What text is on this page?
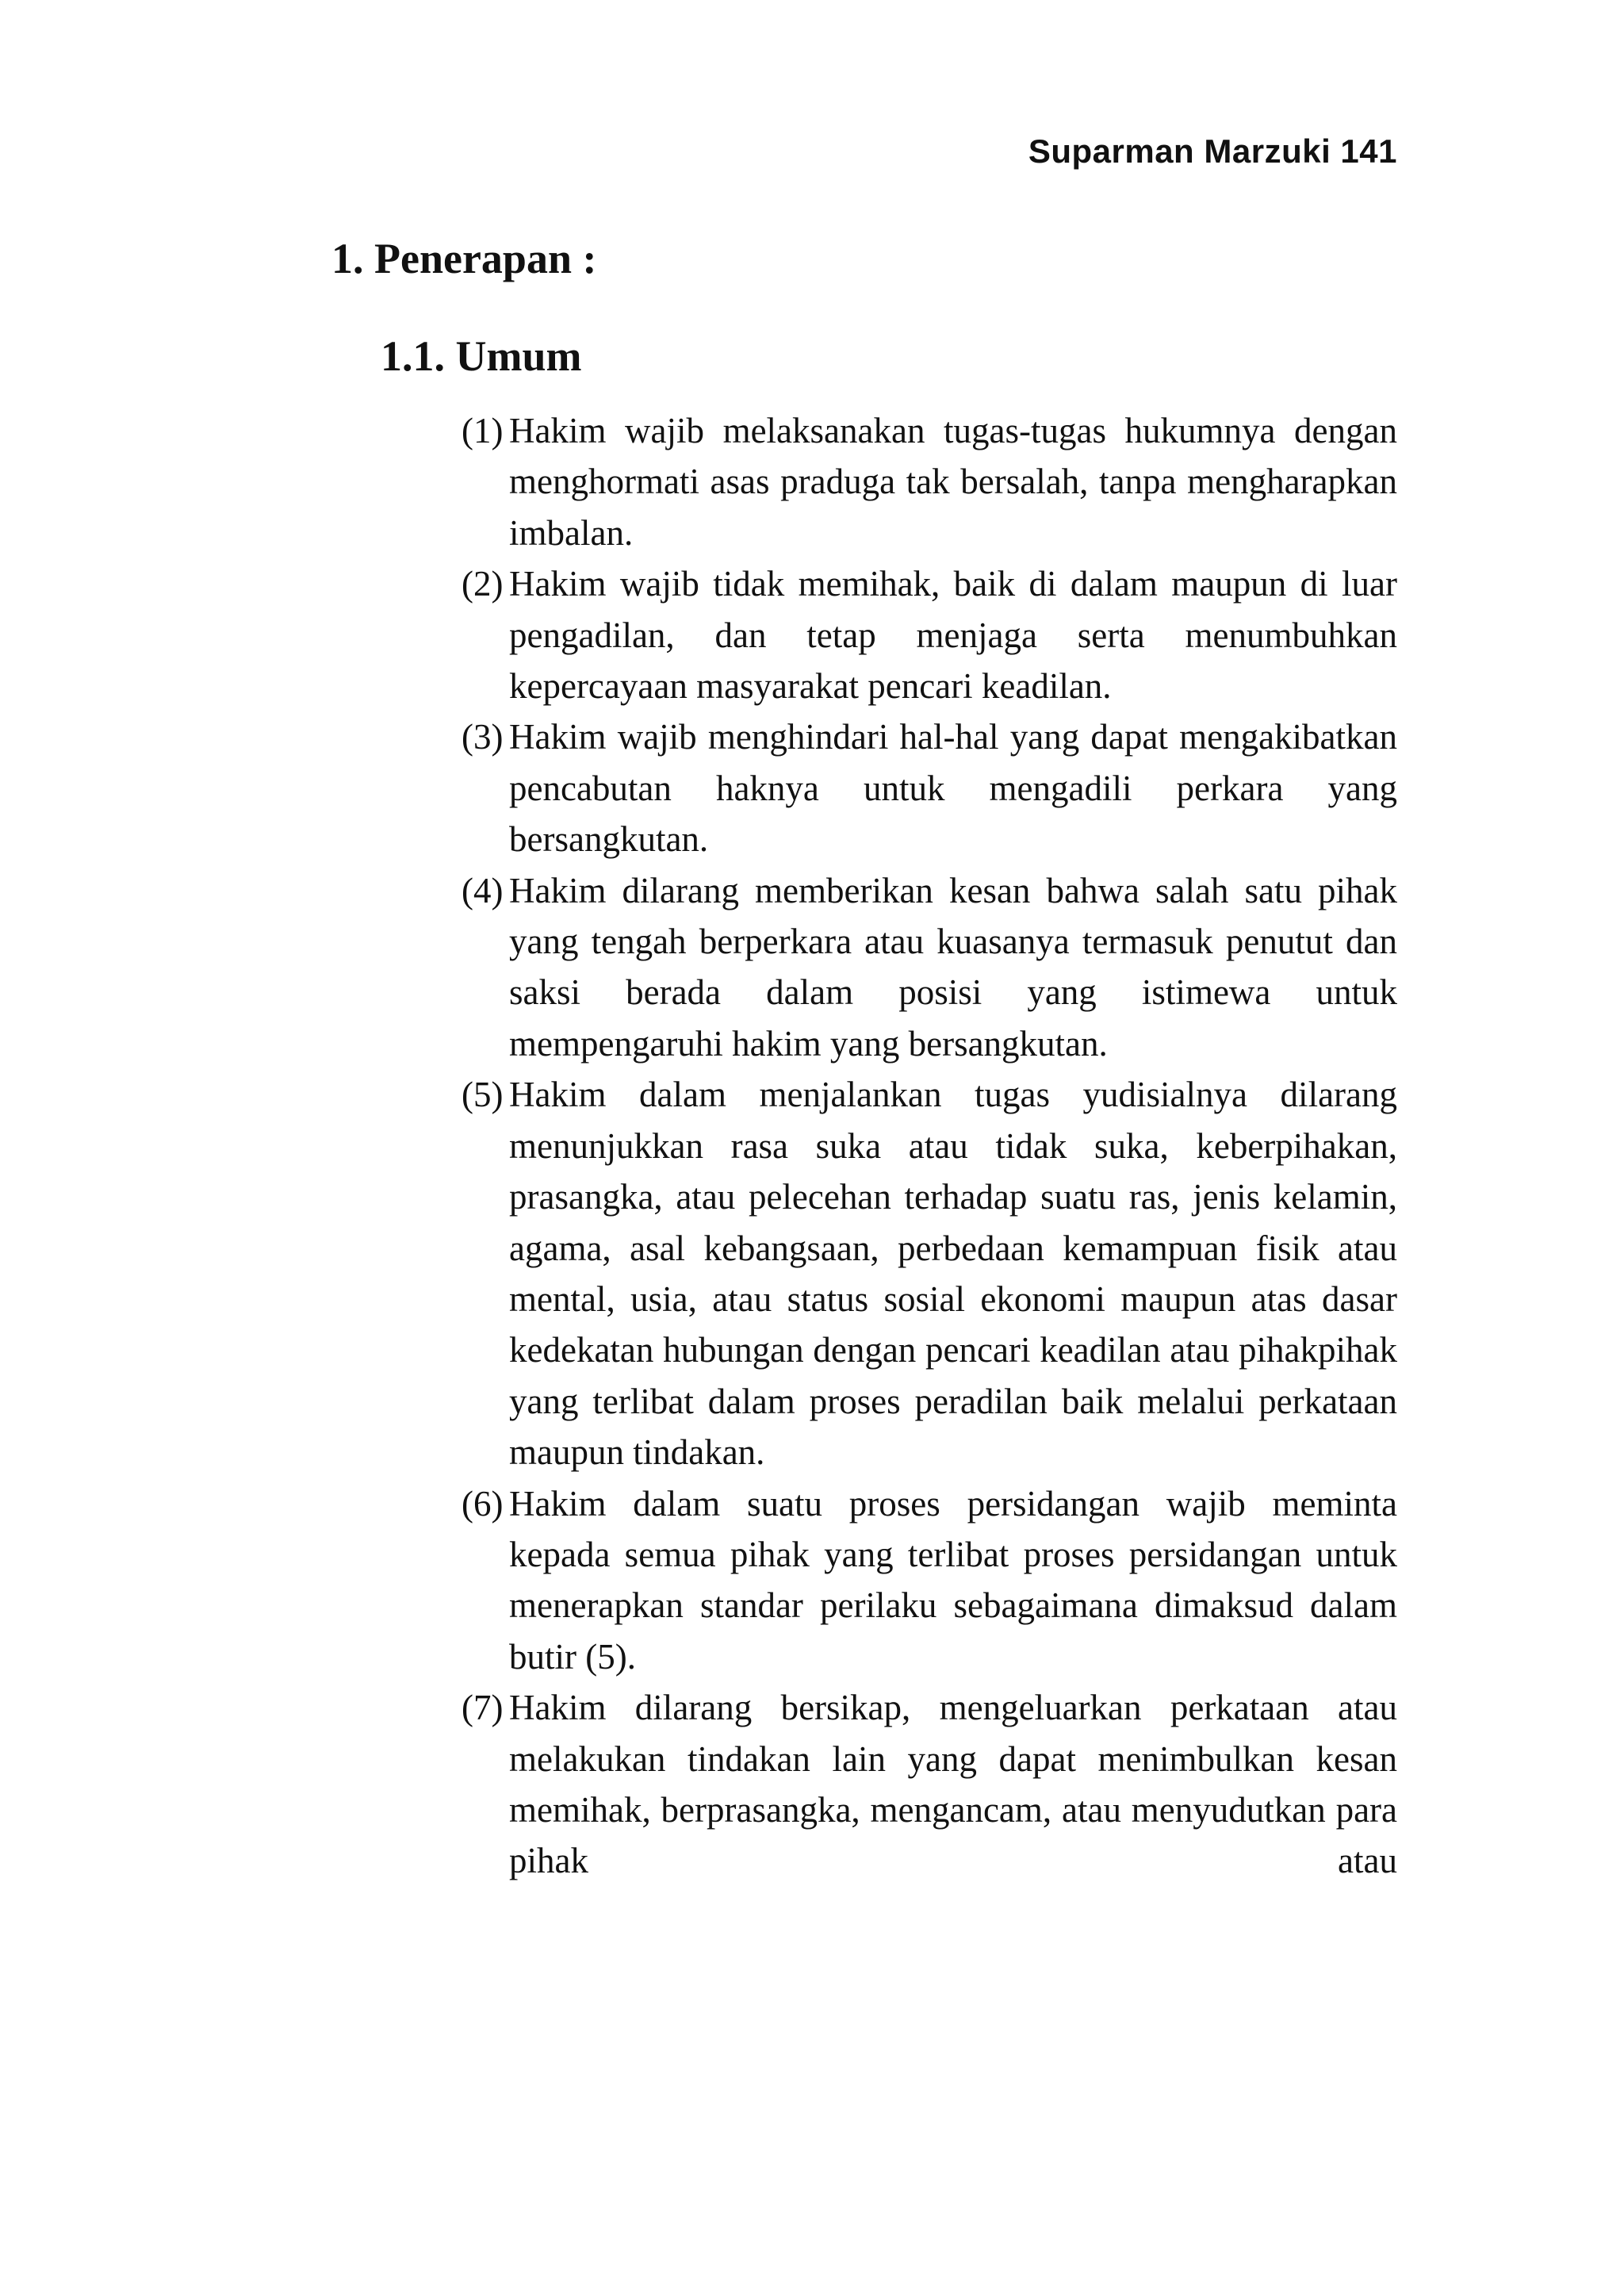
Suparman Marzuki 141
1. Penerapan :
1.1. Umum
(1) Hakim wajib melaksanakan tugas-tugas hukumnya dengan menghormati asas praduga tak bersalah, tanpa mengharapkan imbalan.
(2) Hakim wajib tidak memihak, baik di dalam maupun di luar pengadilan, dan tetap menjaga serta menumbuhkan kepercayaan masyarakat pencari keadilan.
(3) Hakim wajib menghindari hal-hal yang dapat mengakibatkan pencabutan haknya untuk mengadili perkara yang bersangkutan.
(4) Hakim dilarang memberikan kesan bahwa salah satu pihak yang tengah berperkara atau kuasanya termasuk penutut dan saksi berada dalam posisi yang istimewa untuk mempengaruhi hakim yang bersangkutan.
(5) Hakim dalam menjalankan tugas yudisialnya dilarang menunjukkan rasa suka atau tidak suka, keberpihakan, prasangka, atau pelecehan terhadap suatu ras, jenis kelamin, agama, asal kebangsaan, perbedaan kemampuan fisik atau mental, usia, atau status sosial ekonomi maupun atas dasar kedekatan hubungan dengan pencari keadilan atau pihakpihak yang terlibat dalam proses peradilan baik melalui perkataan maupun tindakan.
(6) Hakim dalam suatu proses persidangan wajib meminta kepada semua pihak yang terlibat proses persidangan untuk menerapkan standar perilaku sebagaimana dimaksud dalam butir (5).
(7) Hakim dilarang bersikap, mengeluarkan perkataan atau melakukan tindakan lain yang dapat menimbulkan kesan memihak, berprasangka, mengancam, atau menyudutkan para pihak atau
